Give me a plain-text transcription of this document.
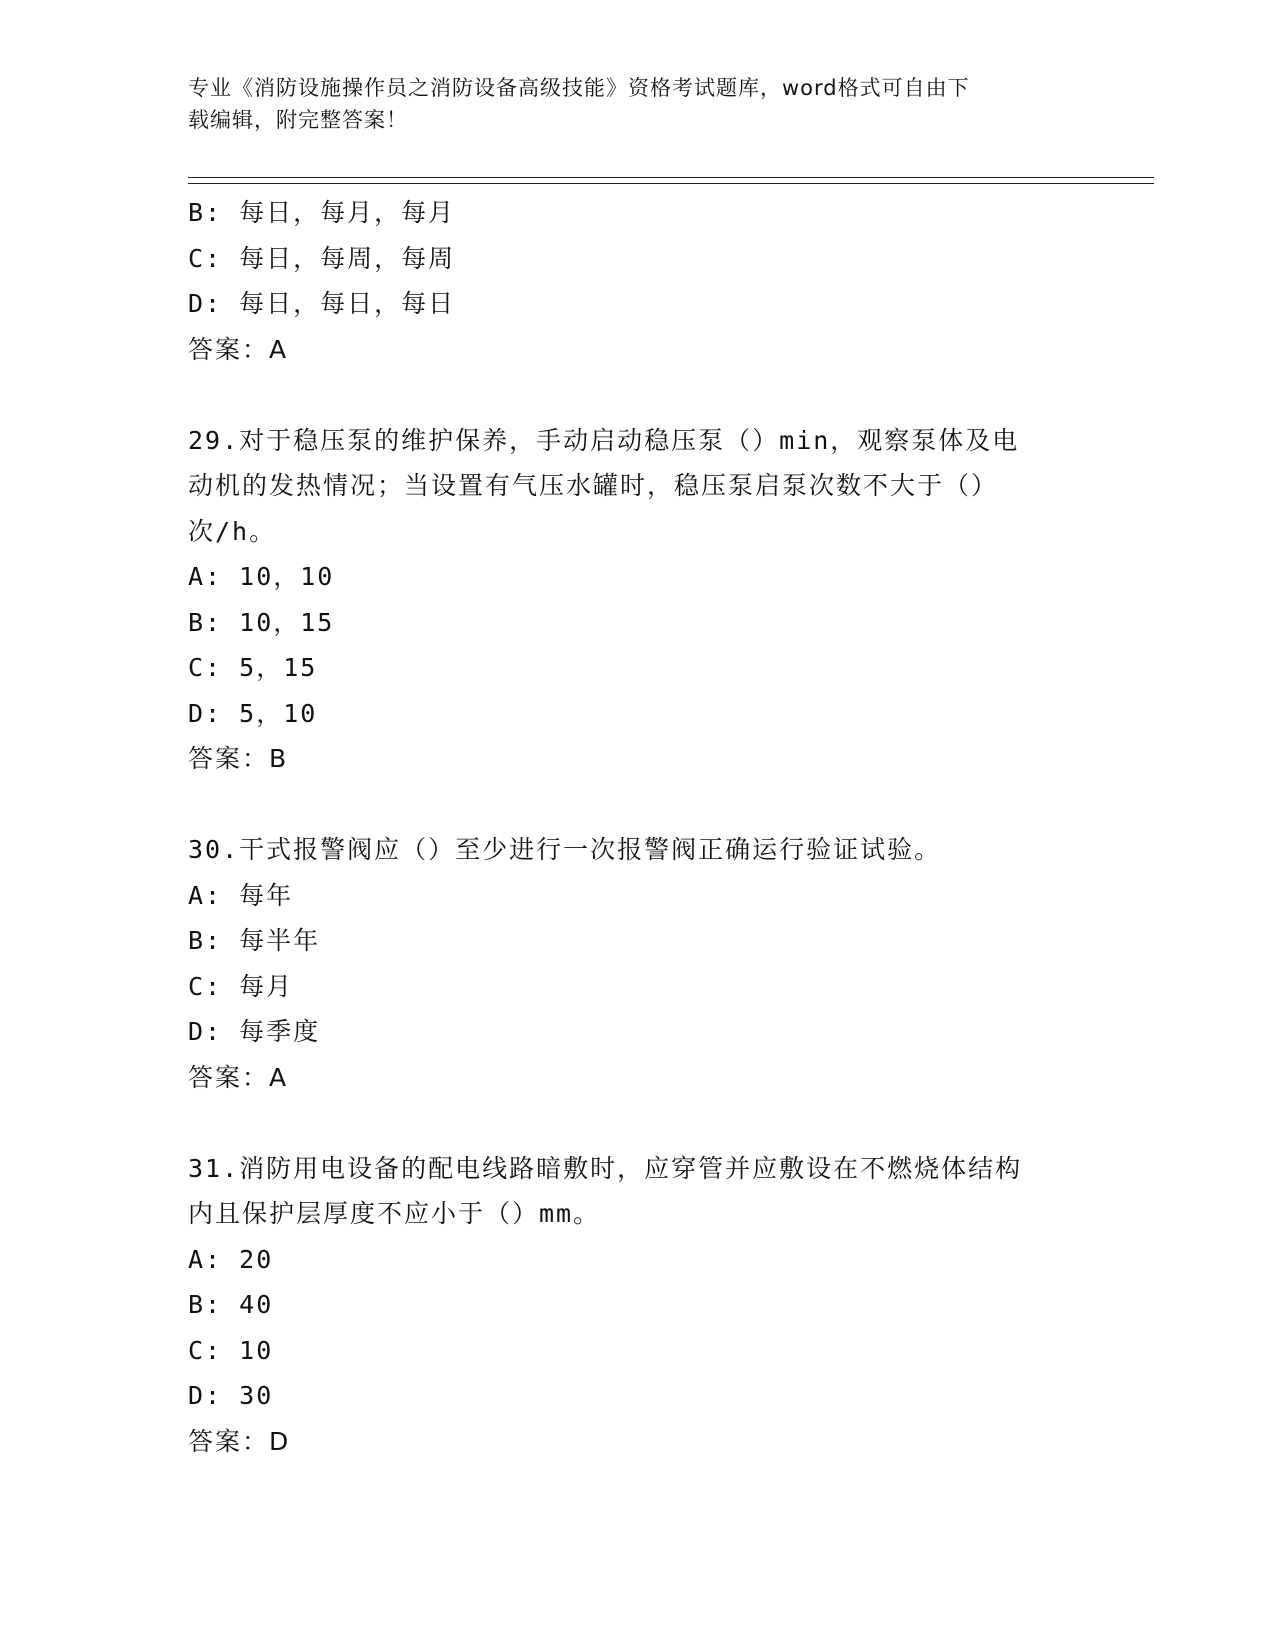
专业《消防设施操作员之消防设备高级技能》资格考试题库，word格式可自由下
载编辑，附完整答案！
B: 每日，每月，每月
C: 每日，每周，每周
D: 每日，每日，每日
答案：A
29.对于稳压泵的维护保养，手动启动稳压泵（）min，观察泵体及电
动机的发热情况；当设置有气压水罐时，稳压泵启泵次数不大于（）
次/h。
A: 10，10
B: 10，15
C: 5，15
D: 5，10
答案：B
30.干式报警阀应（）至少进行一次报警阀正确运行验证试验。
A: 每年
B: 每半年
C: 每月
D: 每季度
答案：A
31.消防用电设备的配电线路暗敷时，应穿管并应敷设在不燃烧体结构
内且保护层厚度不应小于（）mm。
A: 20
B: 40
C: 10
D: 30
答案：D
